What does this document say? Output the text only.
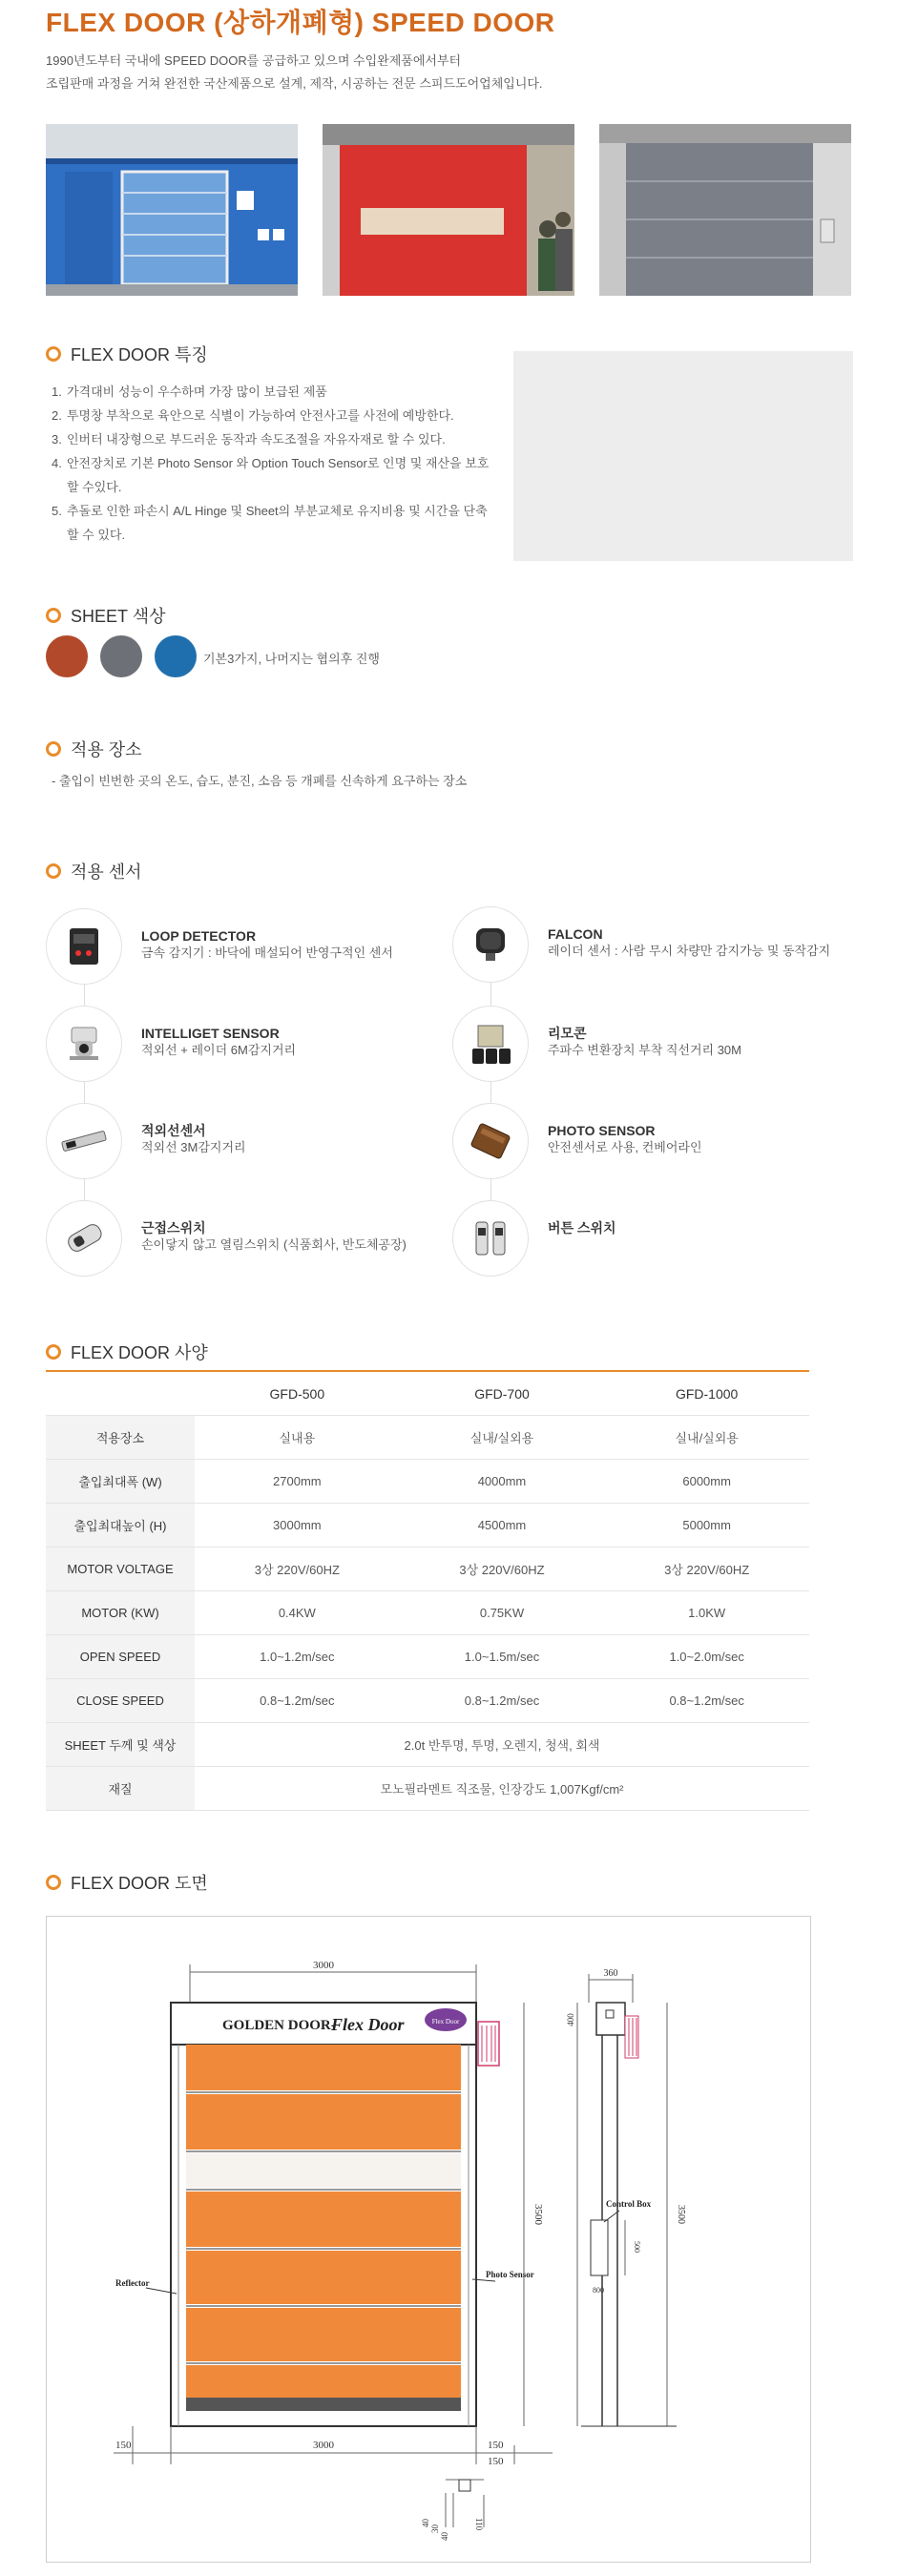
FLEX DOOR (상하개폐형) SPEED DOOR
1990년도부터 국내에 SPEED DOOR를 공급하고 있으며 수입완제품에서부터
조립판매 과정을 거쳐 완전한 국산제품으로 설계, 제작, 시공하는 전문 스피드도어업체입니다.
FLEX DOOR 특징
1. 가격대비 성능이 우수하며 가장 많이 보급된 제품
2. 투명창 부착으로 육안으로 식별이 가능하여 안전사고를 사전에 예방한다.
3. 인버터 내장형으로 부드러운 동작과 속도조절을 자유자재로 할 수 있다.
4. 안전장치로 기본 Photo Sensor 와 Option Touch Sensor로 인명 및 재산을 보호할 수있다.
5. 추돌로 인한 파손시 A/L Hinge 및 Sheet의 부분교체로 유지비용 및 시간을 단축할 수 있다.
SHEET 색상
기본3가지, 나머지는 협의후 진행
적용 장소
- 출입이 빈번한 곳의 온도, 습도, 분진, 소음 등 개폐를 신속하게 요구하는 장소
적용 센서
LOOP DETECTOR
금속 감지기 : 바닥에 매설되어 반영구적인 센서
INTELLIGET SENSOR
적외선 + 레이더 6M감지거리
적외선센서
적외선 3M감지거리
근접스위치
손이닿지 않고 열림스위치 (식품회사, 반도체공장)
FALCON
레이더 센서 : 사람 무시 차량만 감지가능 및 동작감지
리모콘
주파수 변환장치 부착 직선거리 30M
PHOTO SENSOR
안전센서로 사용, 컨베어라인
버튼 스위치
FLEX DOOR 사양
	GFD-500	GFD-700	GFD-1000
적용장소	실내용	실내/실외용	실내/실외용
출입최대폭 (W)	2700mm	4000mm	6000mm
출입최대높이 (H)	3000mm	4500mm	5000mm
MOTOR VOLTAGE	3상 220V/60HZ	3상 220V/60HZ	3상 220V/60HZ
MOTOR (KW)	0.4KW	0.75KW	1.0KW
OPEN SPEED	1.0~1.2m/sec	1.0~1.5m/sec	1.0~2.0m/sec
CLOSE SPEED	0.8~1.2m/sec	0.8~1.2m/sec	0.8~1.2m/sec
SHEET 두께 및 색상	2.0t 반투명, 투명, 오렌지, 청색, 회색		
재질	모노필라멘트 직조물, 인장강도 1,007Kgf/cm²		
FLEX DOOR 도면
3000
GOLDEN DOOR-
Flex Door	Flex Door
Photo Sensor
Reflector
3500
3000
150	150
150
40
30
40
110
360
400
3500
Control Box
500
800
